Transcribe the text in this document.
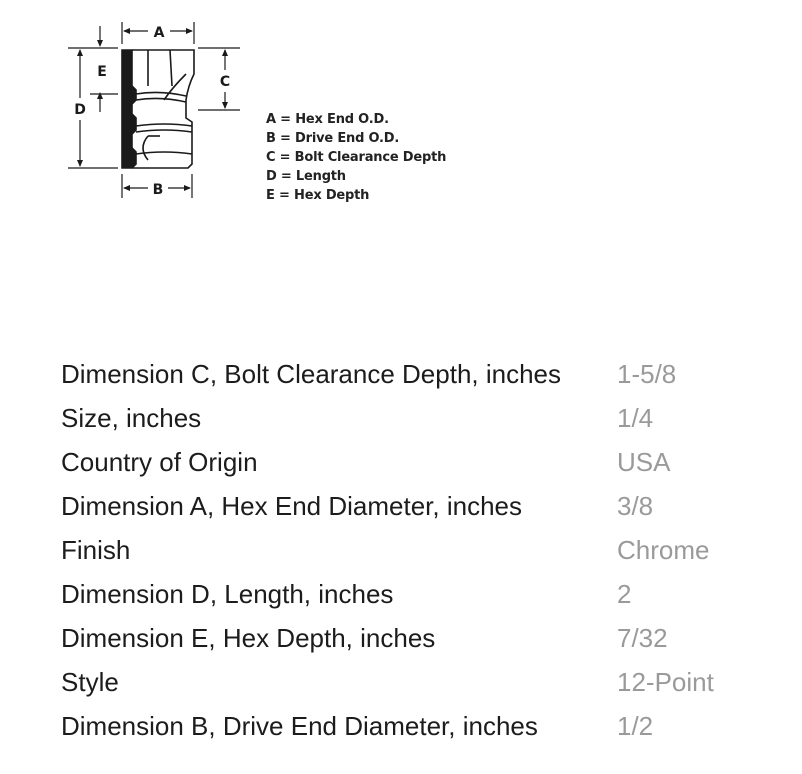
A
B
C
D
E
A = Hex End O.D.
B = Drive End O.D.
C = Bolt Clearance Depth
D = Length
E = Hex Depth
Dimension C, Bolt Clearance Depth, inches	1-5/8
Size, inches	1/4
Country of Origin	USA
Dimension A, Hex End Diameter, inches	3/8
Finish	Chrome
Dimension D, Length, inches	2
Dimension E, Hex Depth, inches	7/32
Style	12-Point
Dimension B, Drive End Diameter, inches	1/2
